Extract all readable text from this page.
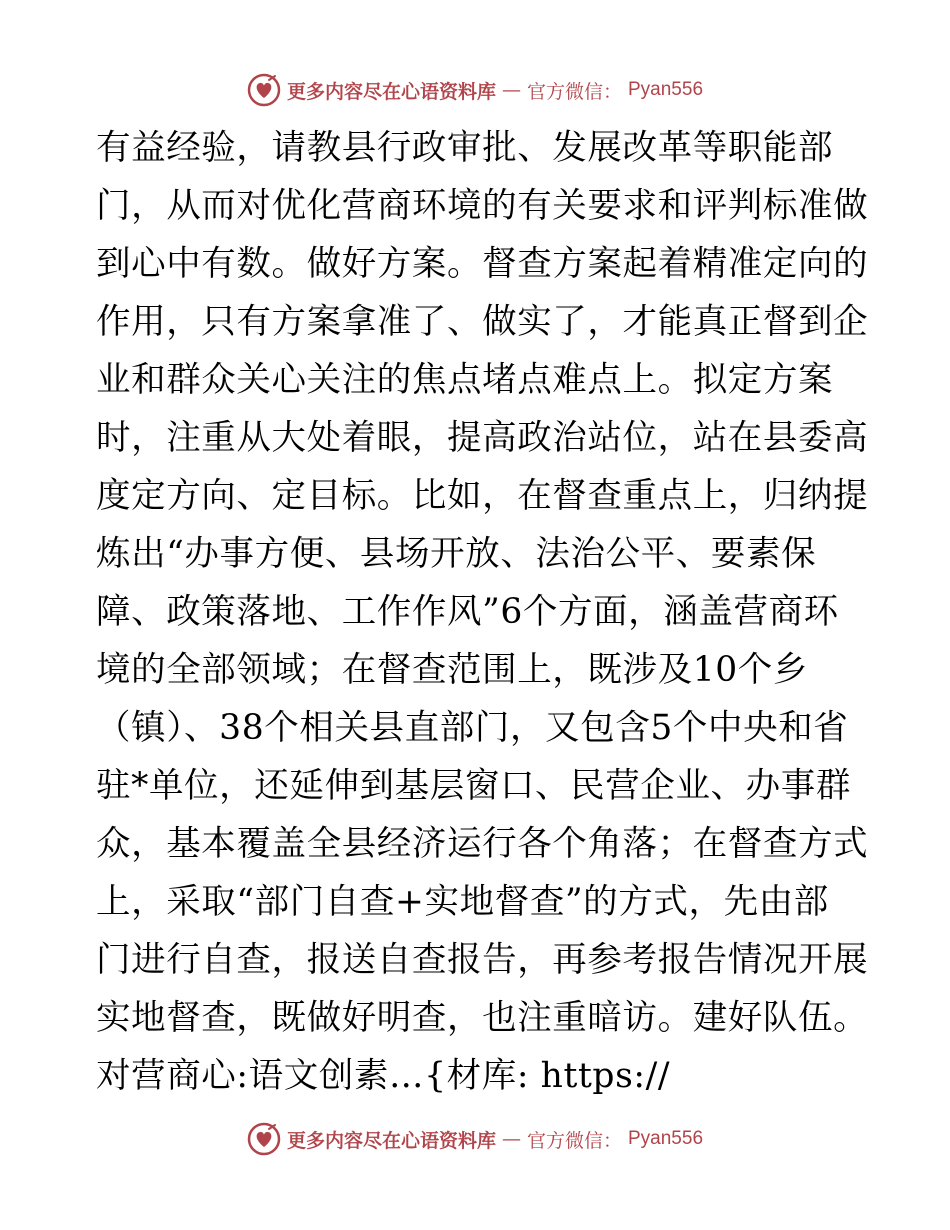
更多内容尽在心语资料库 — 官方微信： Pyan556
有益经验，请教县行政审批、发展改革等职能部
门，从而对优化营商环境的有关要求和评判标准做
到心中有数。做好方案。督查方案起着精准定向的
作用，只有方案拿准了、做实了，才能真正督到企
业和群众关心关注的焦点堵点难点上。拟定方案
时，注重从大处着眼，提高政治站位，站在县委高
度定方向、定目标。比如，在督查重点上，归纳提
炼出“办事方便、县场开放、法治公平、要素保
障、政策落地、工作作风”6个方面，涵盖营商环
境的全部领域；在督查范围上，既涉及10个乡
（镇）、38个相关县直部门，又包含5个中央和省
驻*单位，还延伸到基层窗口、民营企业、办事群
众，基本覆盖全县经济运行各个角落；在督查方式
上，采取“部门自查+实地督查”的方式，先由部
门进行自查，报送自查报告，再参考报告情况开展
实地督查，既做好明查，也注重暗访。建好队伍。
对营商心:语文创素…{材库: https://
更多内容尽在心语资料库 — 官方微信： Pyan556
